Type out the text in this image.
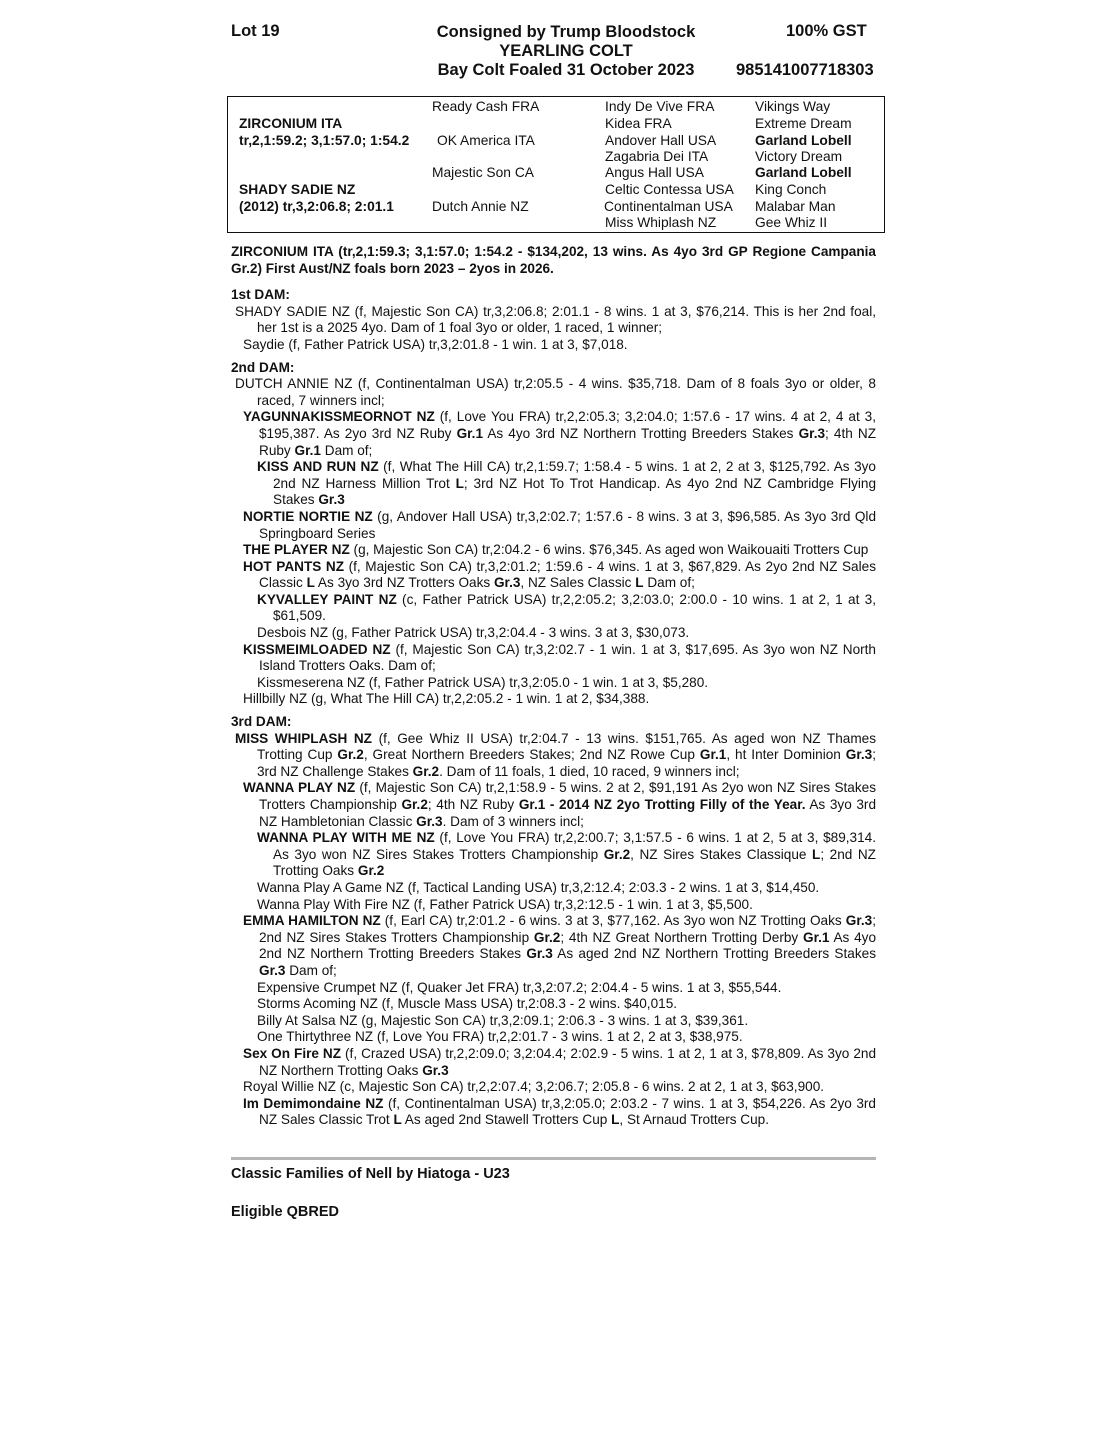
Lot 19	Consigned by Trump Bloodstock
YEARLING COLT
Bay Colt Foaled 31 October 2023
100% GST
985141007718303
ZIRCONIUM ITA
tr,2,1:59.2; 3,1:57.0; 1:54.2
SHADY SADIE NZ
(2012) tr,3,2:06.8; 2:01.1
Ready Cash FRA
OK America ITA
Majestic Son CA
Dutch Annie NZ
Indy De Vive FRA
Kidea FRA
Andover Hall USA
Zagabria Dei ITA
Angus Hall USA
Celtic Contessa USA
Continentalman USA
Miss Whiplash NZ
Vikings Way
Extreme Dream
Garland Lobell
Victory Dream
Garland Lobell
King Conch
Malabar Man
Gee Whiz II

ZIRCONIUM ITA (tr,2,1:59.3; 3,1:57.0; 1:54.2 - $134,202, 13 wins. As 4yo 3rd GP Regione Campania Gr.2) First Aust/NZ foals born 2023 – 2yos in 2026.

1st DAM:

SHADY SADIE NZ (f, Majestic Son CA) tr,3,2:06.8; 2:01.1 - 8 wins. 1 at 3, $76,214. This is her 2nd foal, her 1st is a 2025 4yo. Dam of 1 foal 3yo or older, 1 raced, 1 winner;

Saydie (f, Father Patrick USA) tr,3,2:01.8 - 1 win. 1 at 3, $7,018.

2nd DAM:

DUTCH ANNIE NZ (f, Continentalman USA) tr,2:05.5 - 4 wins. $35,718. Dam of 8 foals 3yo or older, 8 raced, 7 winners incl;

YAGUNNAKISSMEORNOT NZ (f, Love You FRA) tr,2,2:05.3; 3,2:04.0; 1:57.6 - 17 wins. 4 at 2, 4 at 3, $195,387. As 2yo 3rd NZ Ruby Gr.1 As 4yo 3rd NZ Northern Trotting Breeders Stakes Gr.3; 4th NZ Ruby Gr.1 Dam of;

KISS AND RUN NZ (f, What The Hill CA) tr,2,1:59.7; 1:58.4 - 5 wins. 1 at 2, 2 at 3, $125,792. As 3yo 2nd NZ Harness Million Trot L; 3rd NZ Hot To Trot Handicap. As 4yo 2nd NZ Cambridge Flying Stakes Gr.3

NORTIE NORTIE NZ (g, Andover Hall USA) tr,3,2:02.7; 1:57.6 - 8 wins. 3 at 3, $96,585. As 3yo 3rd Qld Springboard Series

THE PLAYER NZ (g, Majestic Son CA) tr,2:04.2 - 6 wins. $76,345. As aged won Waikouaiti Trotters Cup

HOT PANTS NZ (f, Majestic Son CA) tr,3,2:01.2; 1:59.6 - 4 wins. 1 at 3, $67,829. As 2yo 2nd NZ Sales Classic L As 3yo 3rd NZ Trotters Oaks Gr.3, NZ Sales Classic L Dam of;

KYVALLEY PAINT NZ (c, Father Patrick USA) tr,2,2:05.2; 3,2:03.0; 2:00.0 - 10 wins. 1 at 2, 1 at 3, $61,509.

Desbois NZ (g, Father Patrick USA) tr,3,2:04.4 - 3 wins. 3 at 3, $30,073.

KISSMEIMLOADED NZ (f, Majestic Son CA) tr,3,2:02.7 - 1 win. 1 at 3, $17,695. As 3yo won NZ North Island Trotters Oaks. Dam of;

Kissmeserena NZ (f, Father Patrick USA) tr,3,2:05.0 - 1 win. 1 at 3, $5,280.

Hillbilly NZ (g, What The Hill CA) tr,2,2:05.2 - 1 win. 1 at 2, $34,388.

3rd DAM:

MISS WHIPLASH NZ (f, Gee Whiz II USA) tr,2:04.7 - 13 wins. $151,765. As aged won NZ Thames Trotting Cup Gr.2, Great Northern Breeders Stakes; 2nd NZ Rowe Cup Gr.1, ht Inter Dominion Gr.3; 3rd NZ Challenge Stakes Gr.2. Dam of 11 foals, 1 died, 10 raced, 9 winners incl;

WANNA PLAY NZ (f, Majestic Son CA) tr,2,1:58.9 - 5 wins. 2 at 2, $91,191 As 2yo won NZ Sires Stakes Trotters Championship Gr.2; 4th NZ Ruby Gr.1 - 2014 NZ 2yo Trotting Filly of the Year. As 3yo 3rd NZ Hambletonian Classic Gr.3. Dam of 3 winners incl;

WANNA PLAY WITH ME NZ (f, Love You FRA) tr,2,2:00.7; 3,1:57.5 - 6 wins. 1 at 2, 5 at 3, $89,314. As 3yo won NZ Sires Stakes Trotters Championship Gr.2, NZ Sires Stakes Classique L; 2nd NZ Trotting Oaks Gr.2

Wanna Play A Game NZ (f, Tactical Landing USA) tr,3,2:12.4; 2:03.3 - 2 wins. 1 at 3, $14,450.

Wanna Play With Fire NZ (f, Father Patrick USA) tr,3,2:12.5 - 1 win. 1 at 3, $5,500.

EMMA HAMILTON NZ (f, Earl CA) tr,2:01.2 - 6 wins. 3 at 3, $77,162. As 3yo won NZ Trotting Oaks Gr.3; 2nd NZ Sires Stakes Trotters Championship Gr.2; 4th NZ Great Northern Trotting Derby Gr.1 As 4yo 2nd NZ Northern Trotting Breeders Stakes Gr.3 As aged 2nd NZ Northern Trotting Breeders Stakes Gr.3 Dam of;

Expensive Crumpet NZ (f, Quaker Jet FRA) tr,3,2:07.2; 2:04.4 - 5 wins. 1 at 3, $55,544.

Storms Acoming NZ (f, Muscle Mass USA) tr,2:08.3 - 2 wins. $40,015.

Billy At Salsa NZ (g, Majestic Son CA) tr,3,2:09.1; 2:06.3 - 3 wins. 1 at 3, $39,361.

One Thirtythree NZ (f, Love You FRA) tr,2,2:01.7 - 3 wins. 1 at 2, 2 at 3, $38,975.

Sex On Fire NZ (f, Crazed USA) tr,2,2:09.0; 3,2:04.4; 2:02.9 - 5 wins. 1 at 2, 1 at 3, $78,809. As 3yo 2nd NZ Northern Trotting Oaks Gr.3

Royal Willie NZ (c, Majestic Son CA) tr,2,2:07.4; 3,2:06.7; 2:05.8 - 6 wins. 2 at 2, 1 at 3, $63,900.

Im Demimondaine NZ (f, Continentalman USA) tr,3,2:05.0; 2:03.2 - 7 wins. 1 at 3, $54,226. As 2yo 3rd NZ Sales Classic Trot L As aged 2nd Stawell Trotters Cup L, St Arnaud Trotters Cup.

Classic Families of Nell by Hiatoga - U23
Eligible QBRED
